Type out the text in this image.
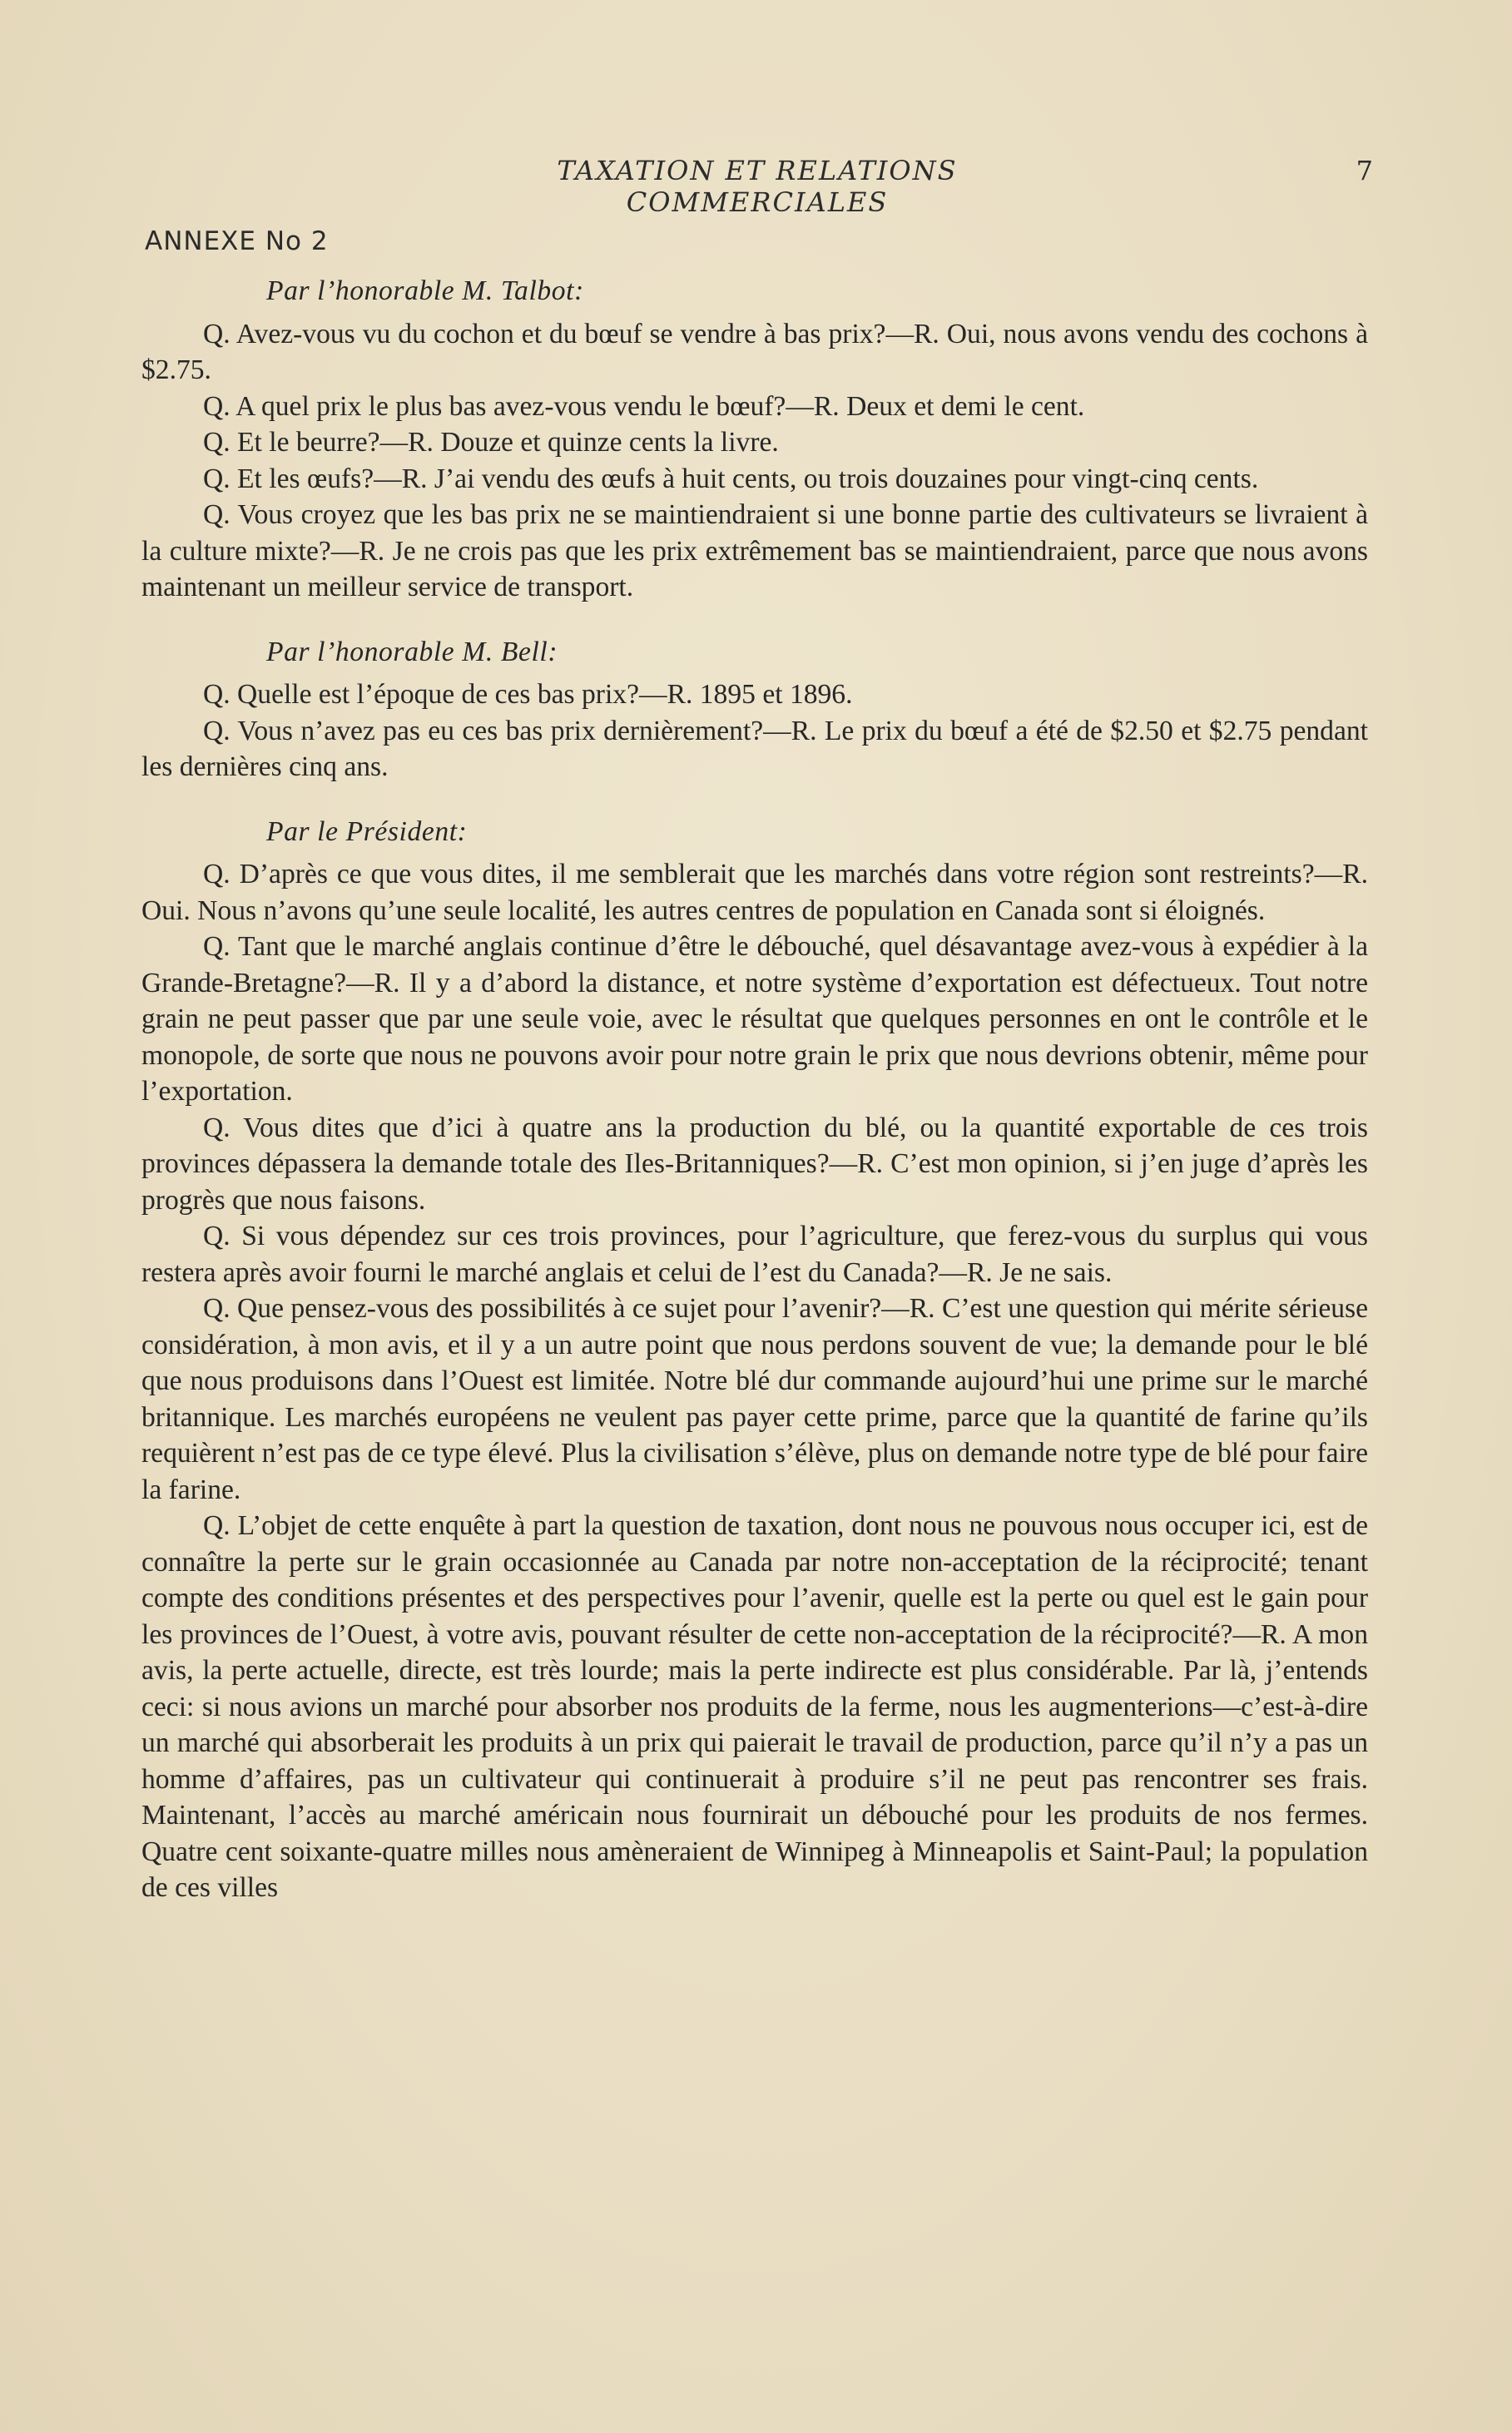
TAXATION ET RELATIONS COMMERCIALES
7
ANNEXE No 2
Par l’honorable M. Talbot:

Q. Avez-vous vu du cochon et du bœuf se vendre à bas prix?—R. Oui, nous avons vendu des cochons à $2.75.

Q. A quel prix le plus bas avez-vous vendu le bœuf?—R. Deux et demi le cent.

Q. Et le beurre?—R. Douze et quinze cents la livre.

Q. Et les œufs?—R. J’ai vendu des œufs à huit cents, ou trois douzaines pour vingt-cinq cents.

Q. Vous croyez que les bas prix ne se maintiendraient si une bonne partie des cultivateurs se livraient à la culture mixte?—R. Je ne crois pas que les prix extrêmement bas se maintiendraient, parce que nous avons maintenant un meilleur service de transport.

Par l’honorable M. Bell:

Q. Quelle est l’époque de ces bas prix?—R. 1895 et 1896.

Q. Vous n’avez pas eu ces bas prix dernièrement?—R. Le prix du bœuf a été de $2.50 et $2.75 pendant les dernières cinq ans.

Par le Président:

Q. D’après ce que vous dites, il me semblerait que les marchés dans votre région sont restreints?—R. Oui. Nous n’avons qu’une seule localité, les autres centres de population en Canada sont si éloignés.

Q. Tant que le marché anglais continue d’être le débouché, quel désavantage avez-vous à expédier à la Grande-Bretagne?—R. Il y a d’abord la distance, et notre système d’exportation est défectueux. Tout notre grain ne peut passer que par une seule voie, avec le résultat que quelques personnes en ont le contrôle et le monopole, de sorte que nous ne pouvons avoir pour notre grain le prix que nous devrions obtenir, même pour l’exportation.

Q. Vous dites que d’ici à quatre ans la production du blé, ou la quantité exportable de ces trois provinces dépassera la demande totale des Iles-Britanniques?—R. C’est mon opinion, si j’en juge d’après les progrès que nous faisons.

Q. Si vous dépendez sur ces trois provinces, pour l’agriculture, que ferez-vous du surplus qui vous restera après avoir fourni le marché anglais et celui de l’est du Canada?—R. Je ne sais.

Q. Que pensez-vous des possibilités à ce sujet pour l’avenir?—R. C’est une question qui mérite sérieuse considération, à mon avis, et il y a un autre point que nous perdons souvent de vue; la demande pour le blé que nous produisons dans l’Ouest est limitée. Notre blé dur commande aujourd’hui une prime sur le marché britannique. Les marchés européens ne veulent pas payer cette prime, parce que la quantité de farine qu’ils requièrent n’est pas de ce type élevé. Plus la civilisation s’élève, plus on demande notre type de blé pour faire la farine.

Q. L’objet de cette enquête à part la question de taxation, dont nous ne pouvous nous occuper ici, est de connaître la perte sur le grain occasionnée au Canada par notre non-acceptation de la réciprocité; tenant compte des conditions présentes et des perspectives pour l’avenir, quelle est la perte ou quel est le gain pour les provinces de l’Ouest, à votre avis, pouvant résulter de cette non-acceptation de la réciprocité?—R. A mon avis, la perte actuelle, directe, est très lourde; mais la perte indirecte est plus considérable. Par là, j’entends ceci: si nous avions un marché pour absorber nos produits de la ferme, nous les augmenterions—c’est-à-dire un marché qui absorberait les produits à un prix qui paierait le travail de production, parce qu’il n’y a pas un homme d’affaires, pas un cultivateur qui continuerait à produire s’il ne peut pas rencontrer ses frais. Maintenant, l’accès au marché américain nous fournirait un débouché pour les produits de nos fermes. Quatre cent soixante-quatre milles nous amèneraient de Winnipeg à Minneapolis et Saint-Paul; la population de ces villes
